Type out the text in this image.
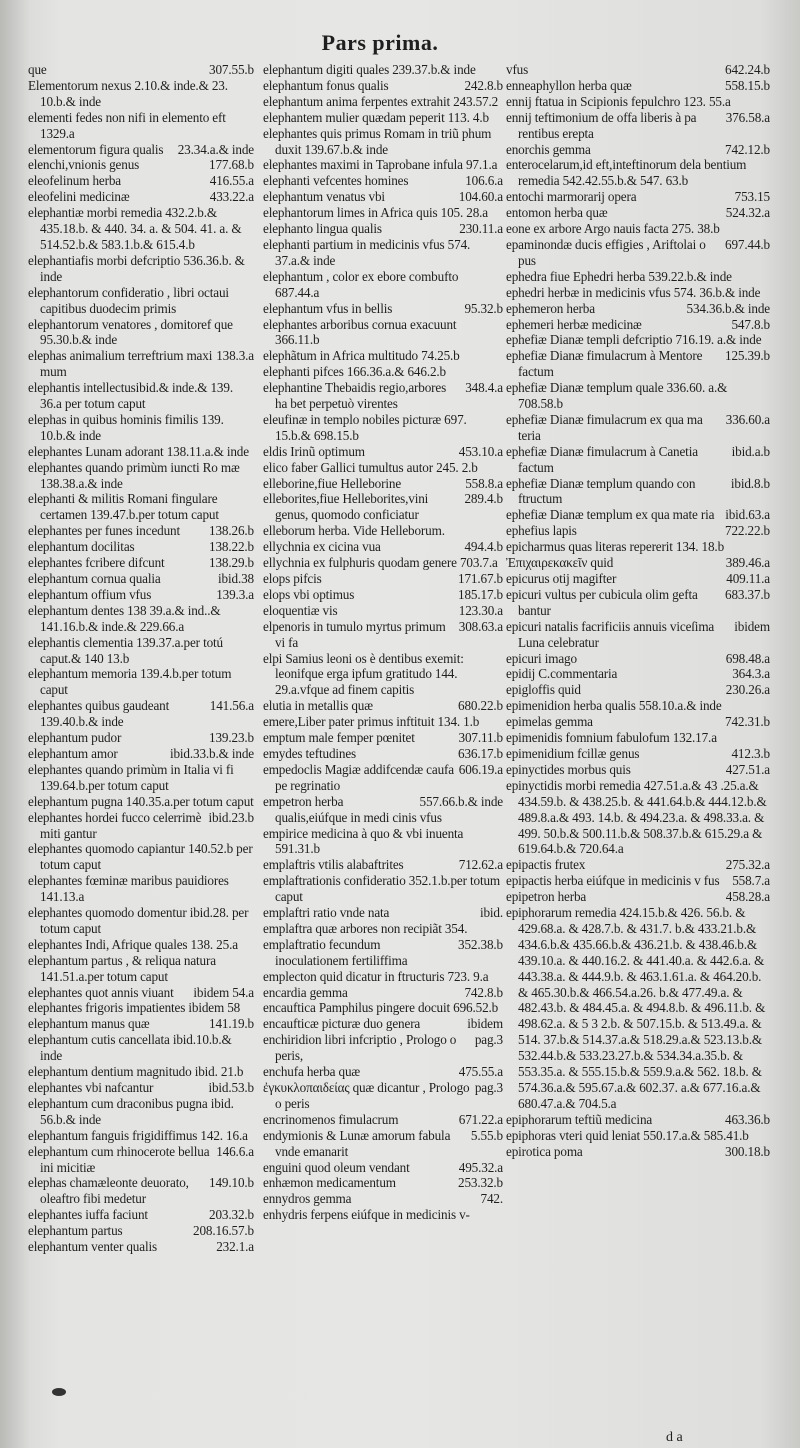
Pars prima.

307.55.b
que

Elementorum nexus 2.10.& inde.& 23. 10.b.& inde

elementi fedes non nifi in elemento eft 1329.a

23.34.a.& inde
elementorum figura qualis

177.68.b
elenchi,vnionis genus

416.55.a
eleofelinum herba

433.22.a
eleofelini medicinæ

elephantiæ morbi remedia 432.2.b.& 435.18.b. & 440. 34. a. & 504. 41. a. & 514.52.b.& 583.1.b.& 615.4.b

elephantiafis morbi defcriptio 536.36.b. & inde

elephantorum confideratio , libri octaui capitibus duodecim primis

elephantorum venatores , domitoref que 95.30.b.& inde

138.3.a
elephas animalium terreftrium maxi mum

elephantis intellectusibid.& inde.& 139. 36.a per totum caput

elephas in quibus hominis fimilis 139. 10.b.& inde

elephantes Lunam adorant 138.11.a.& inde

elephantes quando primùm iuncti Ro mæ 138.38.a.& inde

elephanti & militis Romani fingulare certamen 139.47.b.per totum caput

138.26.b
elephantes per funes incedunt

138.22.b
elephantum docilitas

138.29.b
elephantes fcribere difcunt

ibid.38
elephantum cornua qualia

139.3.a
elephantum offium vfus

elephantum dentes 138 39.a.& ind..& 141.16.b.& inde.& 229.66.a

elephantis clementia 139.37.a.per totú caput.& 140 13.b

elephantum memoria 139.4.b.per totum caput

141.56.a
elephantes quibus gaudeant 139.40.b.& inde

139.23.b
elephantum pudor

ibid.33.b.& inde
elephantum amor

elephantes quando primùm in Italia vi fi 139.64.b.per totum caput

elephantum pugna 140.35.a.per totum caput

ibid.23.b
elephantes hordei fucco celerrimè miti gantur

elephantes quomodo capiantur 140.52.b per totum caput

elephantes fœminæ maribus pauidiores 141.13.a

elephantes quomodo domentur ibid.28. per totum caput

elephantes Indi, Afrique quales 138. 25.a

elephantum partus , & reliqua natura 141.51.a.per totum caput

ibidem 54.a
elephantes quot annis viuant

elephantes frigoris impatientes ibidem 58

141.19.b
elephantum manus quæ

elephantum cutis cancellata ibid.10.b.& inde

elephantum dentium magnitudo ibid. 21.b

ibid.53.b
elephantes vbi nafcantur

elephantum cum draconibus pugna ibid. 56.b.& inde

elephantum fanguis frigidiffimus 142. 16.a

146.6.a
elephantum cum rhinocerote bellua ini micitiæ

149.10.b
elephas chamæleonte deuorato, oleaftro fibi medetur

203.32.b
elephantes iuffa faciunt

208.16.57.b
elephantum partus

232.1.a
elephantum venter qualis

elephantum digiti quales 239.37.b.& inde

242.8.b
elephantum fonus qualis

elephantum anima ferpentes extrahit 243.57.2

elephantem mulier quædam peperit 113. 4.b

elephantes quis primus Romam in triũ phum duxit 139.67.b.& inde

elephantes maximi in Taprobane infula 97.1.a

106.6.a
elephanti vefcentes homines

104.60.a
elephantum venatus vbi

elephantorum limes in Africa quis 105. 28.a

230.11.a
elephanto lingua qualis

elephanti partium in medicinis vfus 574. 37.a.& inde

elephantum , color ex ebore combufto 687.44.a

95.32.b
elephantum vfus in bellis

elephantes arboribus cornua exacuunt 366.11.b

elephãtum in Africa multitudo 74.25.b

elephanti pifces 166.36.a.& 646.2.b

348.4.a
elephantine Thebaidis regio,arbores ha bet perpetuò virentes

eleufinæ in templo nobiles picturæ 697. 15.b.& 698.15.b

453.10.a
eldis Irinũ optimum

elico faber Gallici tumultus autor 245. 2.b

558.8.a
elleborine,fiue Helleborine

289.4.b
elleborites,fiue Helleborites,vini genus, quomodo conficiatur

elleborum herba. Vide Helleborum.

494.4.b
ellychnia ex cicina vua

ellychnia ex fulphuris quodam genere 703.7.a

171.67.b
elops pifcis

185.17.b
elops vbi optimus

123.30.a
eloquentiæ vis

308.63.a
elpenoris in tumulo myrtus primum vi fa

elpi Samius leoni os è dentibus exemit: leonifque erga ipfum gratitudo 144. 29.a.vfque ad finem capitis

680.22.b
elutia in metallis quæ

emere,Liber pater primus inftituit 134. 1.b

307.11.b
emptum male femper pœnitet

636.17.b
emydes teftudines

606.19.a
empedoclis Magiæ addifcendæ caufa pe regrinatio

557.66.b.& inde
empetron herba qualis,eiúfque in medi cinis vfus

empirice medicina à quo & vbi inuenta 591.31.b

712.62.a
emplaftris vtilis alabaftrites

emplaftrationis confideratio 352.1.b.per totum caput

ibid.
emplaftri ratio vnde nata

emplaftra quæ arbores non recipiãt 354.

352.38.b
emplaftratio fecundum inoculationem fertiliffima

emplecton quid dicatur in ftructuris 723. 9.a

742.8.b
encardia gemma

encauftica Pamphilus pingere docuit 696.52.b

ibidem
encaufticæ picturæ duo genera

pag.3
enchiridion libri infcriptio , Prologo o peris,

475.55.a
enchufa herba quæ

pag.3
ἐγκυκλοπαιδείας quæ dicantur , Prologo o peris

671.22.a
encrinomenos fimulacrum

5.55.b
endymionis & Lunæ amorum fabula vnde emanarit

495.32.a
enguini quod oleum vendant

253.32.b
enhæmon medicamentum

742.
ennydros gemma

enhydris ferpens eiúfque in medicinis v-

642.24.b
vfus

558.15.b
enneaphyllon herba quæ

ennij ftatua in Scipionis fepulchro 123. 55.a

376.58.a
ennij teftimonium de offa liberis à pa rentibus erepta

742.12.b
enorchis gemma

enterocelarum,id eft,inteftinorum dela bentium remedia 542.42.55.b.& 547. 63.b

753.15
entochi marmorarij opera

524.32.a
entomon herba quæ

eone ex arbore Argo nauis facta 275. 38.b

697.44.b
epaminondæ ducis effigies , Ariftolai o pus

ephedra fiue Ephedri herba 539.22.b.& inde

ephedri herbæ in medicinis vfus 574. 36.b.& inde

534.36.b.& inde
ephemeron herba

547.8.b
ephemeri herbæ medicinæ

ephefiæ Dianæ templi defcriptio 716.19. a.& inde

125.39.b
ephefiæ Dianæ fimulacrum à Mentore factum

ephefiæ Dianæ templum quale 336.60. a.& 708.58.b

336.60.a
ephefiæ Dianæ fimulacrum ex qua ma teria

ibid.a.b
ephefiæ Dianæ fimulacrum à Canetia factum

ibid.8.b
ephefiæ Dianæ templum quando con ftructum

ibid.63.a
ephefiæ Dianæ templum ex qua mate ria

722.22.b
ephefius lapis

epicharmus quas literas repererit 134. 18.b

389.46.a
Ἐπιχαιρεκακεῖν quid

409.11.a
epicurus otij magifter

683.37.b
epicuri vultus per cubicula olim gefta bantur

ibidem
epicuri natalis facrificiis annuis viceſima Luna celebratur

698.48.a
epicuri imago

364.3.a
epidij C.commentaria

230.26.a
epigloffis quid

epimenidion herba qualis 558.10.a.& inde

742.31.b
epimelas gemma

epimenidis fomnium fabulofum 132.17.a

412.3.b
epimenidium fcillæ genus

427.51.a
epinyctides morbus quis

epinyctidis morbi remedia 427.51.a.& 43 .25.a.& 434.59.b. & 438.25.b. & 441.64.b.& 444.12.b.& 489.8.a.& 493. 14.b. & 494.23.a. & 498.33.a. & 499. 50.b.& 500.11.b.& 508.37.b.& 615.29.a & 619.64.b.& 720.64.a

275.32.a
epipactis frutex

558.7.a
epipactis herba eiúfque in medicinis v fus

458.28.a
epipetron herba

epiphorarum remedia 424.15.b.& 426. 56.b. & 429.68.a. & 428.7.b. & 431.7. b.& 433.21.b.& 434.6.b.& 435.66.b.& 436.21.b. & 438.46.b.& 439.10.a. & 440.16.2. & 441.40.a. & 442.6.a. & 443.38.a. & 444.9.b. & 463.1.61.a. & 464.20.b. & 465.30.b.& 466.54.a.26. b.& 477.49.a. & 482.43.b. & 484.45.a. & 494.8.b. & 496.11.b. & 498.62.a. & 5 3 2.b. & 507.15.b. & 513.49.a. & 514. 37.b.& 514.37.a.& 518.29.a.& 523.13.b.& 532.44.b.& 533.23.27.b.& 534.34.a.35.b. & 553.35.a. & 555.15.b.& 559.9.a.& 562. 18.b. & 574.36.a.& 595.67.a.& 602.37. a.& 677.16.a.& 680.47.a.& 704.5.a

463.36.b
epiphorarum teftiũ medicina

epiphoras vteri quid leniat 550.17.a.& 585.41.b

300.18.b
epirotica poma

d a
